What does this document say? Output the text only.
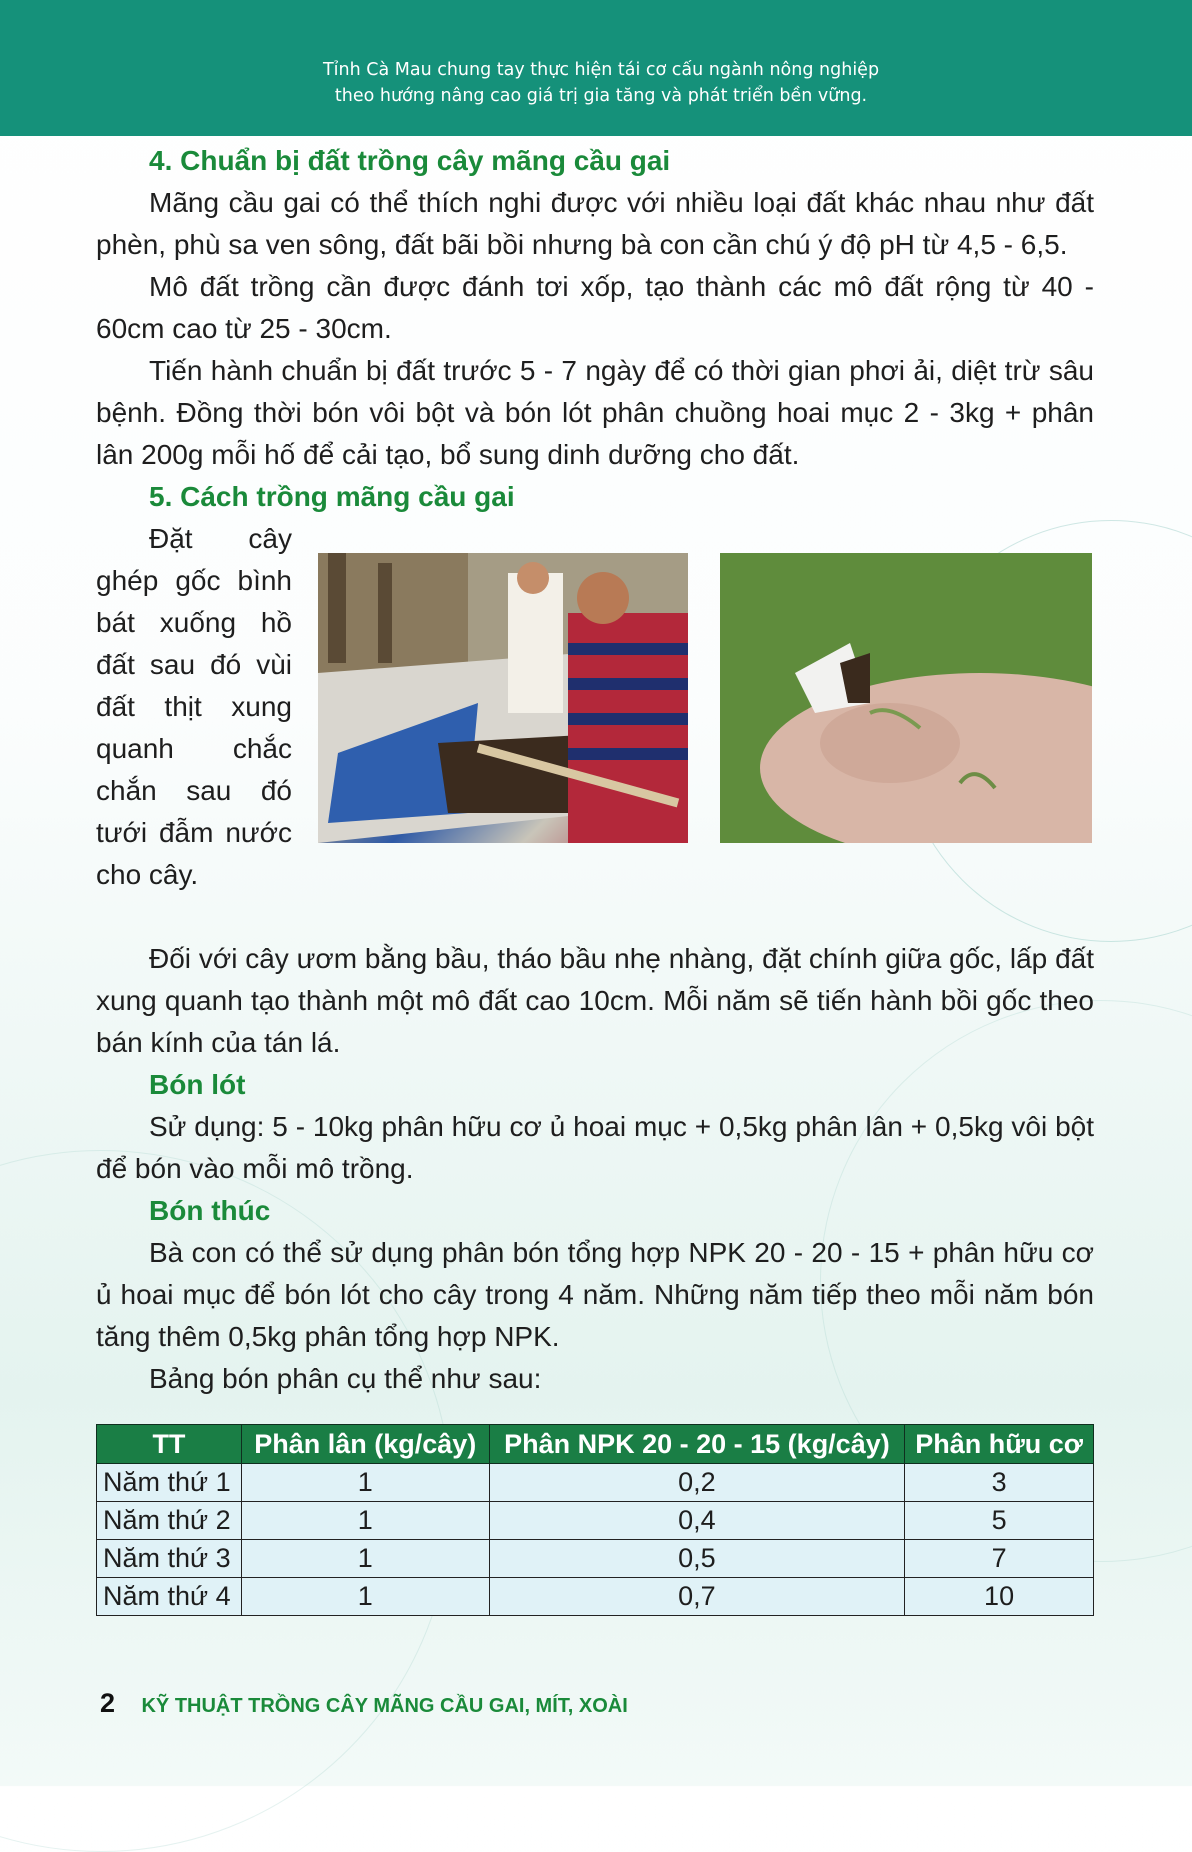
Tỉnh Cà Mau chung tay thực hiện tái cơ cấu ngành nông nghiệp
theo hướng nâng cao giá trị gia tăng và phát triển bền vững.

4. Chuẩn bị đất trồng cây mãng cầu gai

Mãng cầu gai có thể thích nghi được với nhiều loại đất khác nhau như đất phèn, phù sa ven sông, đất bãi bồi nhưng bà con cần chú ý độ pH từ 4,5 - 6,5.

Mô đất trồng cần được đánh tơi xốp, tạo thành các mô đất rộng từ 40 - 60cm cao từ 25 - 30cm.

Tiến hành chuẩn bị đất trước 5 - 7 ngày để có thời gian phơi ải, diệt trừ sâu bệnh. Đồng thời bón vôi bột và bón lót phân chuồng hoai mục 2 - 3kg + phân lân 200g mỗi hố để cải tạo, bổ sung dinh dưỡng cho đất.

5. Cách trồng mãng cầu gai

Đặt cây ghép gốc bình bát xuống hồ đất sau đó vùi đất thịt xung quanh chắc chắn sau đó tưới đẫm nước cho cây.

Đối với cây ươm bằng bầu, tháo bầu nhẹ nhàng, đặt chính giữa gốc, lấp đất xung quanh tạo thành một mô đất cao 10cm. Mỗi năm sẽ tiến hành bồi gốc theo bán kính của tán lá.

Bón lót

Sử dụng: 5 - 10kg phân hữu cơ ủ hoai mục + 0,5kg phân lân + 0,5kg vôi bột để bón vào mỗi mô trồng.

Bón thúc

Bà con có thể sử dụng phân bón tổng hợp NPK 20 - 20 - 15 + phân hữu cơ ủ hoai mục để bón lót cho cây trong 4 năm. Những năm tiếp theo mỗi năm bón tăng thêm 0,5kg phân tổng hợp NPK.

Bảng bón phân cụ thể như sau:

TT	Phân lân (kg/cây)	Phân NPK 20 - 20 - 15 (kg/cây)	Phân hữu cơ
Năm thứ 1	1	0,2	3
Năm thứ 2	1	0,4	5
Năm thứ 3	1	0,5	7
Năm thứ 4	1	0,7	10
2 KỸ THUẬT TRỒNG CÂY MÃNG CẦU GAI, MÍT, XOÀI
